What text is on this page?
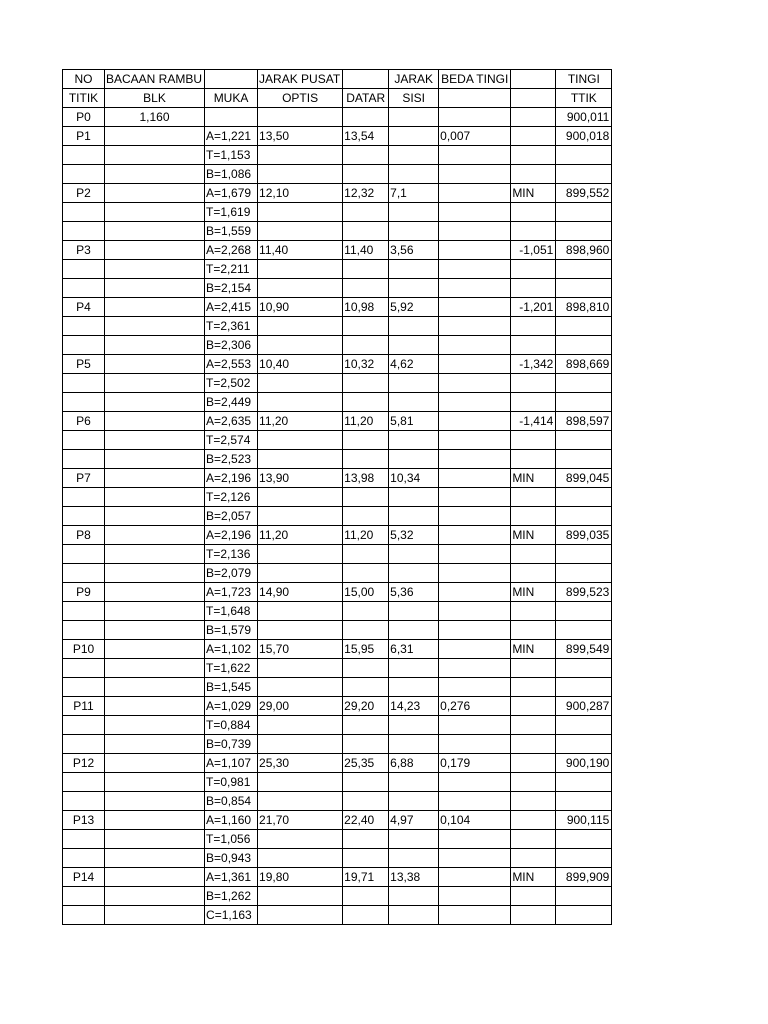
NO	BACAAN RAMBU		JARAK PUSAT		JARAK	BEDA TINGI		TINGI
TITIK	BLK	MUKA	OPTIS	DATAR	SISI			TTIK
P0	1,160							900,011
P1		A=1,221	13,50	13,54		0,007		900,018
		T=1,153						
		B=1,086						
P2		A=1,679	12,10	12,32	7,1		MIN	899,552
		T=1,619						
		B=1,559						
P3		A=2,268	11,40	11,40	3,56		-1,051	898,960
		T=2,211						
		B=2,154						
P4		A=2,415	10,90	10,98	5,92		-1,201	898,810
		T=2,361						
		B=2,306						
P5		A=2,553	10,40	10,32	4,62		-1,342	898,669
		T=2,502						
		B=2,449						
P6		A=2,635	11,20	11,20	5,81		-1,414	898,597
		T=2,574						
		B=2,523						
P7		A=2,196	13,90	13,98	10,34		MIN	899,045
		T=2,126						
		B=2,057						
P8		A=2,196	11,20	11,20	5,32		MIN	899,035
		T=2,136						
		B=2,079						
P9		A=1,723	14,90	15,00	5,36		MIN	899,523
		T=1,648						
		B=1,579						
P10		A=1,102	15,70	15,95	6,31		MIN	899,549
		T=1,622						
		B=1,545						
P11		A=1,029	29,00	29,20	14,23	0,276		900,287
		T=0,884						
		B=0,739						
P12		A=1,107	25,30	25,35	6,88	0,179		900,190
		T=0,981						
		B=0,854						
P13		A=1,160	21,70	22,40	4,97	0,104		900,115
		T=1,056						
		B=0,943						
P14		A=1,361	19,80	19,71	13,38		MIN	899,909
		B=1,262						
		C=1,163						
